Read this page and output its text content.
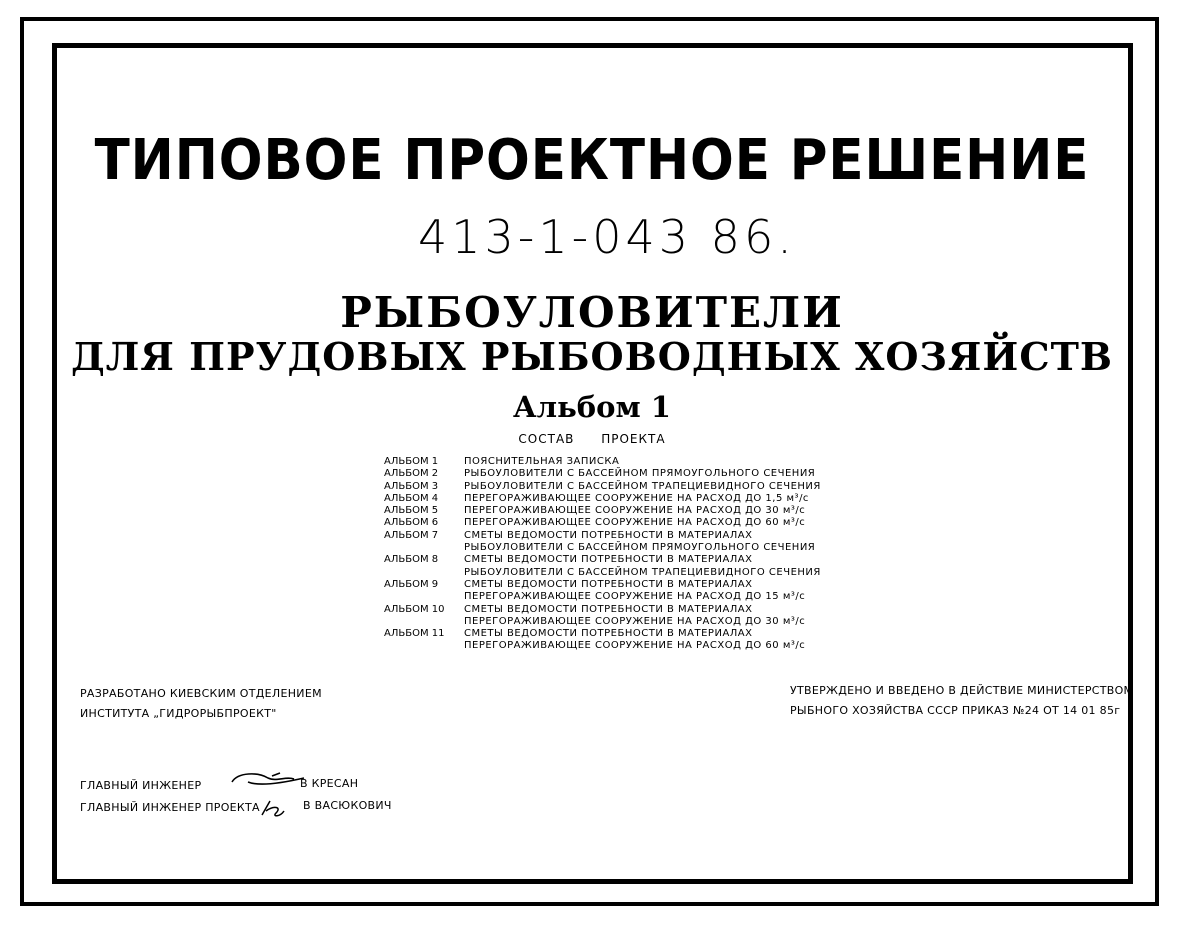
ТИПОВОЕ ПРОЕКТНОЕ РЕШЕНИЕ
413-1-043 86.
РЫБОУЛОВИТЕЛИ
ДЛЯ ПРУДОВЫХ РЫБОВОДНЫХ ХОЗЯЙСТВ
Альбом 1
СОСТАВ ПРОЕКТА
АЛЬБОМ 1	ПОЯСНИТЕЛЬНАЯ ЗАПИСКА
АЛЬБОМ 2	РЫБОУЛОВИТЕЛИ С БАССЕЙНОМ ПРЯМОУГОЛЬНОГО СЕЧЕНИЯ
АЛЬБОМ 3	РЫБОУЛОВИТЕЛИ С БАССЕЙНОМ ТРАПЕЦИЕВИДНОГО СЕЧЕНИЯ
АЛЬБОМ 4	ПЕРЕГОРАЖИВАЮЩЕЕ СООРУЖЕНИЕ НА РАСХОД ДО 1,5 м³/с
АЛЬБОМ 5	ПЕРЕГОРАЖИВАЮЩЕЕ СООРУЖЕНИЕ НА РАСХОД ДО 30 м³/с
АЛЬБОМ 6	ПЕРЕГОРАЖИВАЮЩЕЕ СООРУЖЕНИЕ НА РАСХОД ДО 60 м³/с
АЛЬБОМ 7	СМЕТЫ ВЕДОМОСТИ ПОТРЕБНОСТИ В МАТЕРИАЛАХ
РЫБОУЛОВИТЕЛИ С БАССЕЙНОМ ПРЯМОУГОЛЬНОГО СЕЧЕНИЯ
АЛЬБОМ 8	СМЕТЫ ВЕДОМОСТИ ПОТРЕБНОСТИ В МАТЕРИАЛАХ
РЫБОУЛОВИТЕЛИ С БАССЕЙНОМ ТРАПЕЦИЕВИДНОГО СЕЧЕНИЯ
АЛЬБОМ 9	СМЕТЫ ВЕДОМОСТИ ПОТРЕБНОСТИ В МАТЕРИАЛАХ
ПЕРЕГОРАЖИВАЮЩЕЕ СООРУЖЕНИЕ НА РАСХОД ДО 15 м³/с
АЛЬБОМ 10	СМЕТЫ ВЕДОМОСТИ ПОТРЕБНОСТИ В МАТЕРИАЛАХ
ПЕРЕГОРАЖИВАЮЩЕЕ СООРУЖЕНИЕ НА РАСХОД ДО 30 м³/с
АЛЬБОМ 11	СМЕТЫ ВЕДОМОСТИ ПОТРЕБНОСТИ В МАТЕРИАЛАХ
ПЕРЕГОРАЖИВАЮЩЕЕ СООРУЖЕНИЕ НА РАСХОД ДО 60 м³/с
РАЗРАБОТАНО КИЕВСКИМ ОТДЕЛЕНИЕМ
ИНСТИТУТА „ГИДРОРЫБПРОЕКТ"
УТВЕРЖДЕНО И ВВЕДЕНО В ДЕЙСТВИЕ МИНИСТЕРСТВОМ
РЫБНОГО ХОЗЯЙСТВА СССР ПРИКАЗ №24 ОТ 14 01 85г
ГЛАВНЫЙ ИНЖЕНЕР	В КРЕСАН
ГЛАВНЫЙ ИНЖЕНЕР ПРОЕКТА	В ВАСЮКОВИЧ
